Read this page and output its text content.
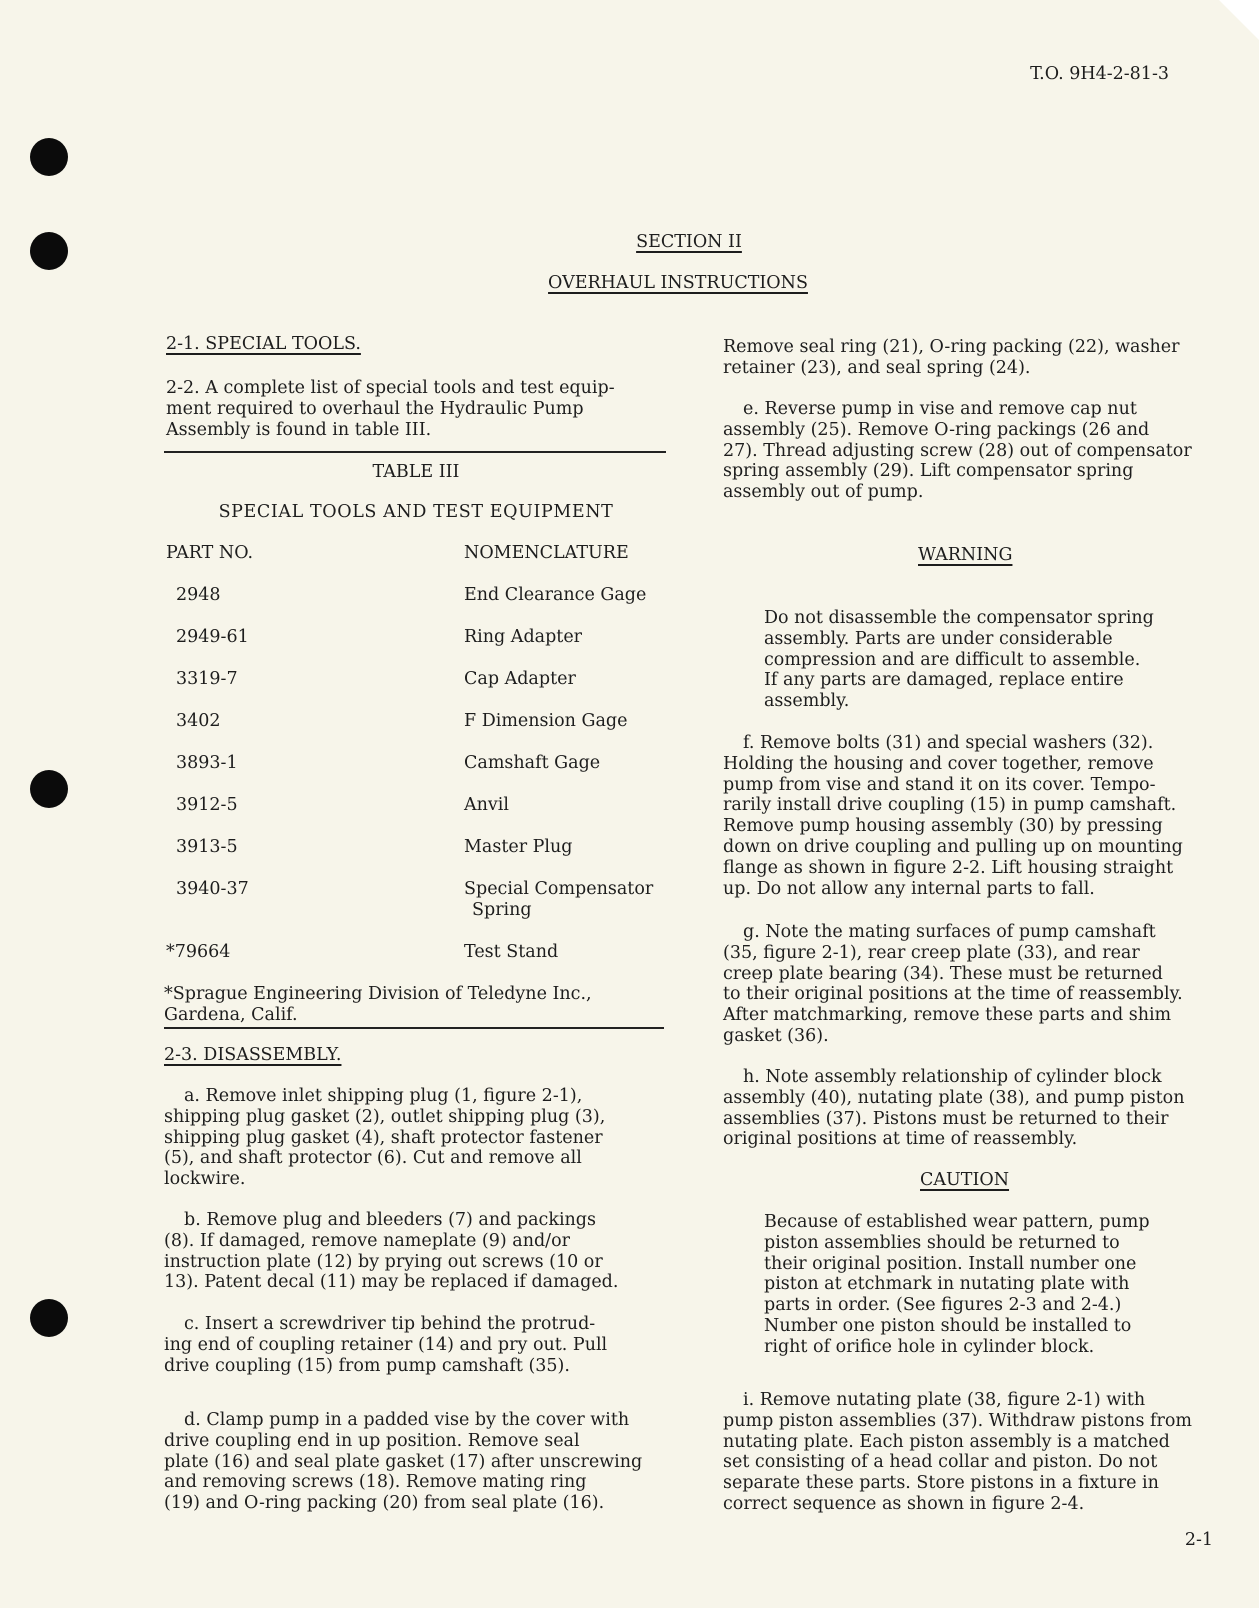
T.O. 9H4-2-81-3
SECTION II
OVERHAUL INSTRUCTIONS
2-1. SPECIAL TOOLS.
2-2. A complete list of special tools and test equip-
ment required to overhaul the Hydraulic Pump
Assembly is found in table III.
TABLE III
SPECIAL TOOLS AND TEST EQUIPMENT
PART NO.	NOMENCLATURE
2948	End Clearance Gage
2949-61	Ring Adapter
3319-7	Cap Adapter
3402	F Dimension Gage
3893-1	Camshaft Gage
3912-5	Anvil
3913-5	Master Plug
3940-37	Special Compensator
Spring
*79664	Test Stand
*Sprague Engineering Division of Teledyne Inc.,
Gardena, Calif.
2-3. DISASSEMBLY.
a. Remove inlet shipping plug (1, figure 2-1),
shipping plug gasket (2), outlet shipping plug (3),
shipping plug gasket (4), shaft protector fastener
(5), and shaft protector (6). Cut and remove all
lockwire.
b. Remove plug and bleeders (7) and packings
(8). If damaged, remove nameplate (9) and/or
instruction plate (12) by prying out screws (10 or
13). Patent decal (11) may be replaced if damaged.
c. Insert a screwdriver tip behind the protrud-
ing end of coupling retainer (14) and pry out. Pull
drive coupling (15) from pump camshaft (35).
d. Clamp pump in a padded vise by the cover with
drive coupling end in up position. Remove seal
plate (16) and seal plate gasket (17) after unscrewing
and removing screws (18). Remove mating ring
(19) and O-ring packing (20) from seal plate (16).
Remove seal ring (21), O-ring packing (22), washer
retainer (23), and seal spring (24).
e. Reverse pump in vise and remove cap nut
assembly (25). Remove O-ring packings (26 and
27). Thread adjusting screw (28) out of compensator
spring assembly (29). Lift compensator spring
assembly out of pump.
WARNING
Do not disassemble the compensator spring
assembly. Parts are under considerable
compression and are difficult to assemble.
If any parts are damaged, replace entire
assembly.
f. Remove bolts (31) and special washers (32).
Holding the housing and cover together, remove
pump from vise and stand it on its cover. Tempo-
rarily install drive coupling (15) in pump camshaft.
Remove pump housing assembly (30) by pressing
down on drive coupling and pulling up on mounting
flange as shown in figure 2-2. Lift housing straight
up. Do not allow any internal parts to fall.
g. Note the mating surfaces of pump camshaft
(35, figure 2-1), rear creep plate (33), and rear
creep plate bearing (34). These must be returned
to their original positions at the time of reassembly.
After matchmarking, remove these parts and shim
gasket (36).
h. Note assembly relationship of cylinder block
assembly (40), nutating plate (38), and pump piston
assemblies (37). Pistons must be returned to their
original positions at time of reassembly.
CAUTION
Because of established wear pattern, pump
piston assemblies should be returned to
their original position. Install number one
piston at etchmark in nutating plate with
parts in order. (See figures 2-3 and 2-4.)
Number one piston should be installed to
right of orifice hole in cylinder block.
i. Remove nutating plate (38, figure 2-1) with
pump piston assemblies (37). Withdraw pistons from
nutating plate. Each piston assembly is a matched
set consisting of a head collar and piston. Do not
separate these parts. Store pistons in a fixture in
correct sequence as shown in figure 2-4.
2-1
